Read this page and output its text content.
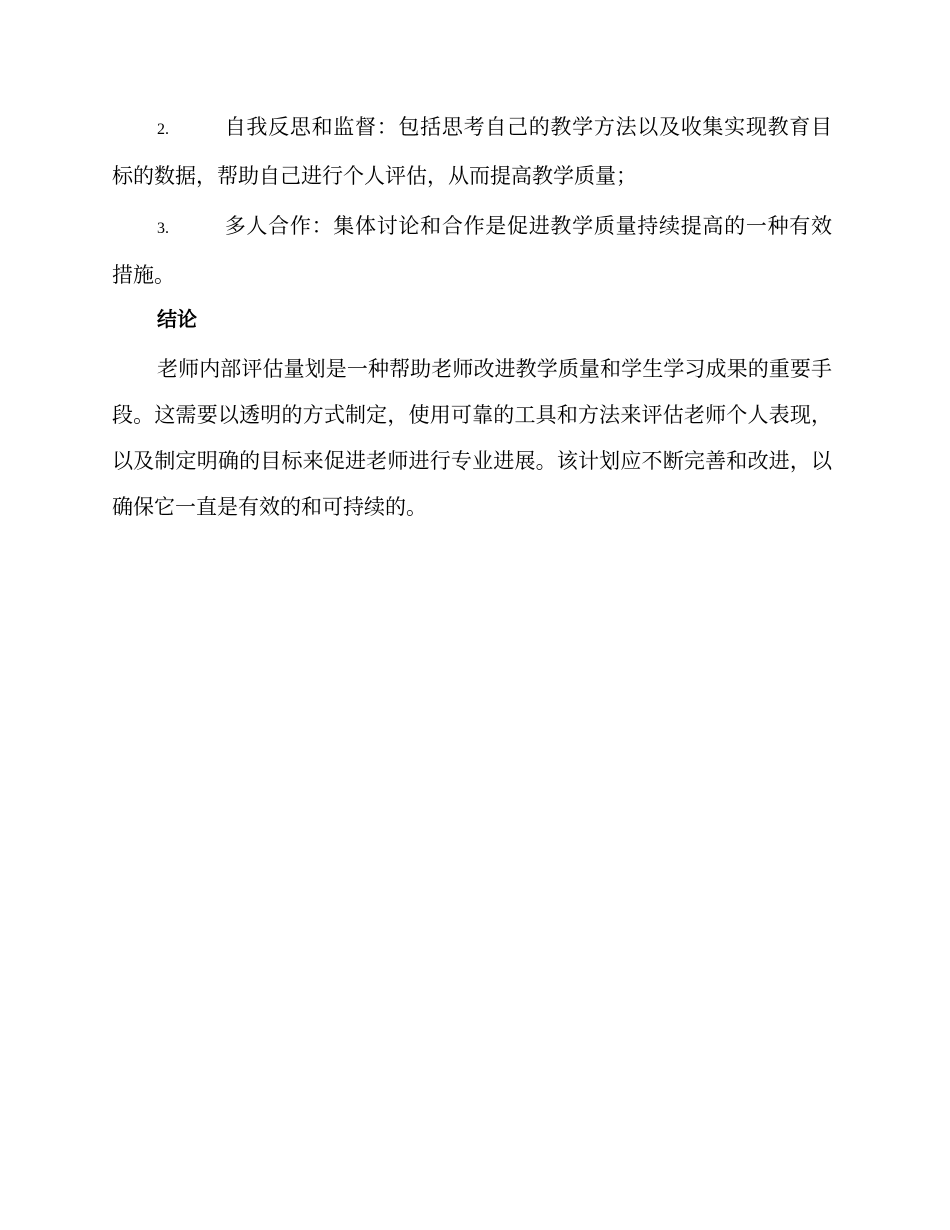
2.	自我反思和监督：包括思考自己的教学方法以及收集实现教育目标的数据，帮助自己进行个人评估，从而提高教学质量；
3.	多人合作：集体讨论和合作是促进教学质量持续提高的一种有效措施。
结论

老师内部评估量划是一种帮助老师改进教学质量和学生学习成果的重要手段。这需要以透明的方式制定，使用可靠的工具和方法来评估老师个人表现，以及制定明确的目标来促进老师进行专业进展。该计划应不断完善和改进，以确保它一直是有效的和可持续的。
